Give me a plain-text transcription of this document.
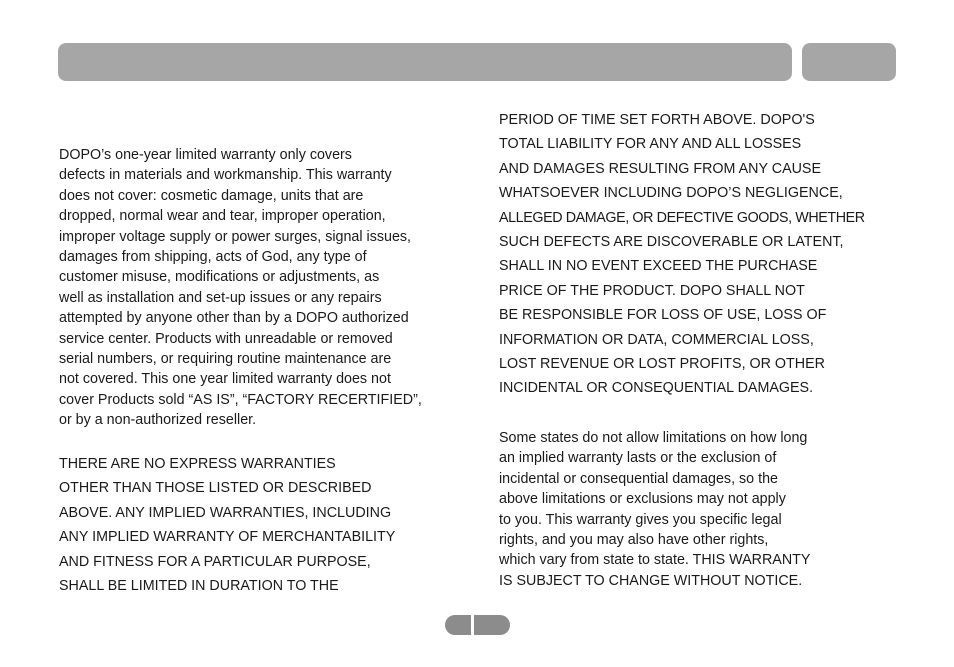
DOPO’s one-year limited warranty only covers
defects in materials and workmanship. This warranty
does not cover: cosmetic damage, units that are
dropped, normal wear and tear, improper operation,
improper voltage supply or power surges, signal issues,
damages from shipping, acts of God, any type of
customer misuse, modifications or adjustments, as
well as installation and set-up issues or any repairs
attempted by anyone other than by a DOPO authorized
service center. Products with unreadable or removed
serial numbers, or requiring routine maintenance are
not covered. This one year limited warranty does not
cover Products sold “AS IS”, “FACTORY RECERTIFIED”,
or by a non-authorized reseller.
THERE ARE NO EXPRESS WARRANTIES
OTHER THAN THOSE LISTED OR DESCRIBED
ABOVE. ANY IMPLIED WARRANTIES, INCLUDING
ANY IMPLIED WARRANTY OF MERCHANTABILITY
AND FITNESS FOR A PARTICULAR PURPOSE,
SHALL BE LIMITED IN DURATION TO THE
PERIOD OF TIME SET FORTH ABOVE. DOPO'S
TOTAL LIABILITY FOR ANY AND ALL LOSSES
AND DAMAGES RESULTING FROM ANY CAUSE
WHATSOEVER INCLUDING DOPO’S NEGLIGENCE,
ALLEGED DAMAGE, OR DEFECTIVE GOODS, WHETHER
SUCH DEFECTS ARE DISCOVERABLE OR LATENT,
SHALL IN NO EVENT EXCEED THE PURCHASE
PRICE OF THE PRODUCT. DOPO SHALL NOT
BE RESPONSIBLE FOR LOSS OF USE, LOSS OF
INFORMATION OR DATA, COMMERCIAL LOSS,
LOST REVENUE OR LOST PROFITS, OR OTHER
INCIDENTAL OR CONSEQUENTIAL DAMAGES.
Some states do not allow limitations on how long
an implied warranty lasts or the exclusion of
incidental or consequential damages, so the
above limitations or exclusions may not apply
to you. This warranty gives you specific legal
rights, and you may also have other rights,
which vary from state to state. THIS WARRANTY
IS SUBJECT TO CHANGE WITHOUT NOTICE.
